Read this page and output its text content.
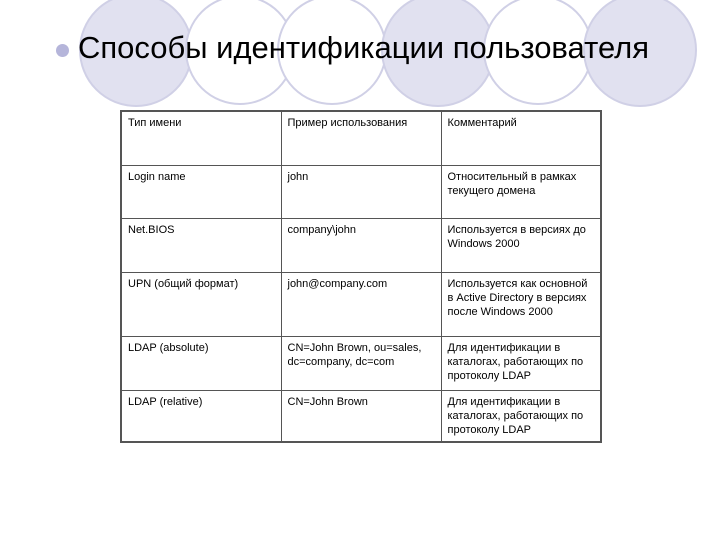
Способы идентификации пользователя
Тип имени	Пример использования	Комментарий
Login name	john	Относительный в рамках текущего домена
Net.BIOS	company\john	Используется в версиях до Windows 2000
UPN (общий формат)	john@company.com	Используется как основной в Active Directory в версиях после Windows 2000
LDAP (absolute)	CN=John Brown, ou=sales, dc=company, dc=com	Для идентификации в каталогах, работающих по протоколу LDAP
LDAP (relative)	CN=John Brown	Для идентификации в каталогах, работающих по протоколу LDAP
